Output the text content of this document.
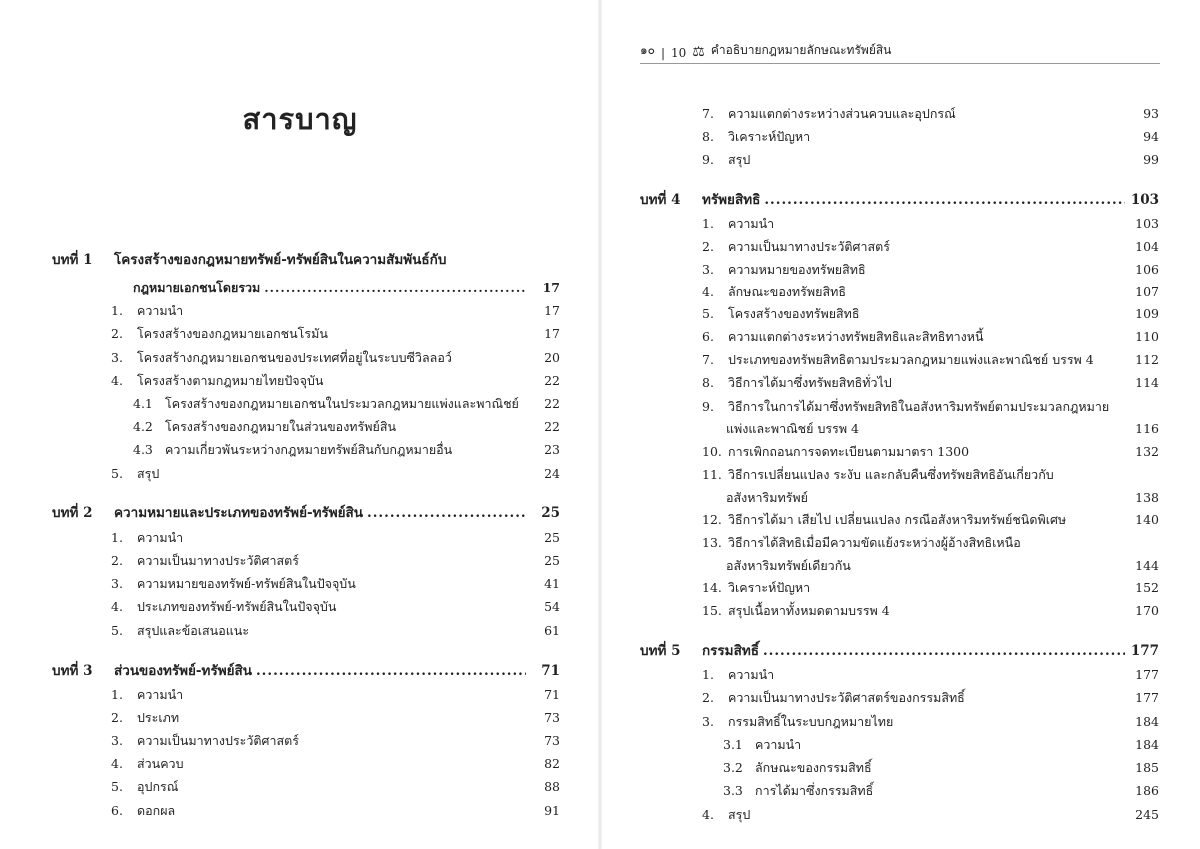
สารบาญ
บทที่ 1	โครงสร้างของกฎหมายทรัพย์-ทรัพย์สินในความสัมพันธ์กับ
กฎหมายเอกชนโดยรวม .....	17
1.	ความนำ	17
2.	โครงสร้างของกฎหมายเอกชนโรมัน	17
3.	โครงสร้างกฎหมายเอกชนของประเทศที่อยู่ในระบบซีวิลลอว์	20
4.	โครงสร้างตามกฎหมายไทยปัจจุบัน	22
4.1 โครงสร้างของกฎหมายเอกชนในประมวลกฎหมายแพ่งและพาณิชย์	22
4.2 โครงสร้างของกฎหมายในส่วนของทรัพย์สิน	22
4.3 ความเกี่ยวพันระหว่างกฎหมายทรัพย์สินกับกฎหมายอื่น	23
5.	สรุป	24
บทที่ 2	ความหมายและประเภทของทรัพย์-ทรัพย์สิน .....	25
1.	ความนำ	25
2.	ความเป็นมาทางประวัติศาสตร์	25
3.	ความหมายของทรัพย์-ทรัพย์สินในปัจจุบัน	41
4.	ประเภทของทรัพย์-ทรัพย์สินในปัจจุบัน	54
5.	สรุปและข้อเสนอแนะ	61
บทที่ 3	ส่วนของทรัพย์-ทรัพย์สิน .....	71
1.	ความนำ	71
2.	ประเภท	73
3.	ความเป็นมาทางประวัติศาสตร์	73
4.	ส่วนควบ	82
5.	อุปกรณ์	88
6.	ดอกผล	91
๑๐ | 10 ⚖ คำอธิบายกฎหมายลักษณะทรัพย์สิน
7.	ความแตกต่างระหว่างส่วนควบและอุปกรณ์	93
8.	วิเคราะห์ปัญหา	94
9.	สรุป	99
บทที่ 4	ทรัพยสิทธิ .....	103
1.	ความนำ	103
2.	ความเป็นมาทางประวัติศาสตร์	104
3.	ความหมายของทรัพยสิทธิ	106
4.	ลักษณะของทรัพยสิทธิ	107
5.	โครงสร้างของทรัพยสิทธิ	109
6.	ความแตกต่างระหว่างทรัพยสิทธิและสิทธิทางหนี้	110
7.	ประเภทของทรัพยสิทธิตามประมวลกฎหมายแพ่งและพาณิชย์ บรรพ 4	112
8.	วิธีการได้มาซึ่งทรัพยสิทธิทั่วไป	114
9.	วิธีการในการได้มาซึ่งทรัพยสิทธิในอสังหาริมทรัพย์ตามประมวลกฎหมาย
แพ่งและพาณิชย์ บรรพ 4	116
10. การเพิกถอนการจดทะเบียนตามมาตรา 1300	132
11. วิธีการเปลี่ยนแปลง ระงับ และกลับคืนซึ่งทรัพยสิทธิอันเกี่ยวกับ
อสังหาริมทรัพย์	138
12. วิธีการได้มา เสียไป เปลี่ยนแปลง กรณีอสังหาริมทรัพย์ชนิดพิเศษ	140
13. วิธีการได้สิทธิเมื่อมีความขัดแย้งระหว่างผู้อ้างสิทธิเหนือ
อสังหาริมทรัพย์เดียวกัน	144
14. วิเคราะห์ปัญหา	152
15. สรุปเนื้อหาทั้งหมดตามบรรพ 4	170
บทที่ 5	กรรมสิทธิ์ .....	177
1.	ความนำ	177
2.	ความเป็นมาทางประวัติศาสตร์ของกรรมสิทธิ์	177
3.	กรรมสิทธิ์ในระบบกฎหมายไทย	184
3.1 ความนำ	184
3.2 ลักษณะของกรรมสิทธิ์	185
3.3 การได้มาซึ่งกรรมสิทธิ์	186
4.	สรุป	245
